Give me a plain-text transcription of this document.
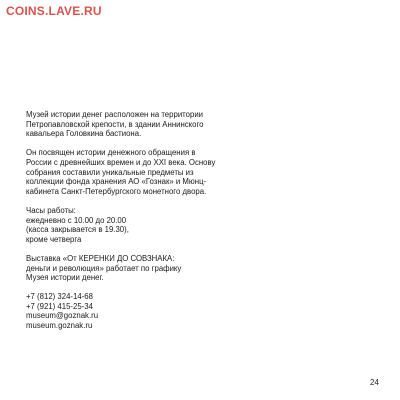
COINS.LAVE.RU
Музей истории денег расположен на территории
Петропавловской крепости, в здании Аннинского
кавальера Головкина бастиона.
Он посвящен истории денежного обращения в
России с древнейших времен и до XXI века. Основу
собрания составили уникальные предметы из
коллекции фонда хранения АО «Гознак» и Мюнц-
кабинета Санкт-Петербургского монетного двора.
Часы работы:
ежедневно с 10.00 до 20.00
(касса закрывается в 19.30),
кроме четверга
Выставка «От КЕРЕНКИ ДО СОВЗНАКА:
деньги и революция» работает по графику
Музея истории денег.
+7 (812) 324-14-68
+7 (921) 415-25-34
museum@goznak.ru
museum.goznak.ru
24
